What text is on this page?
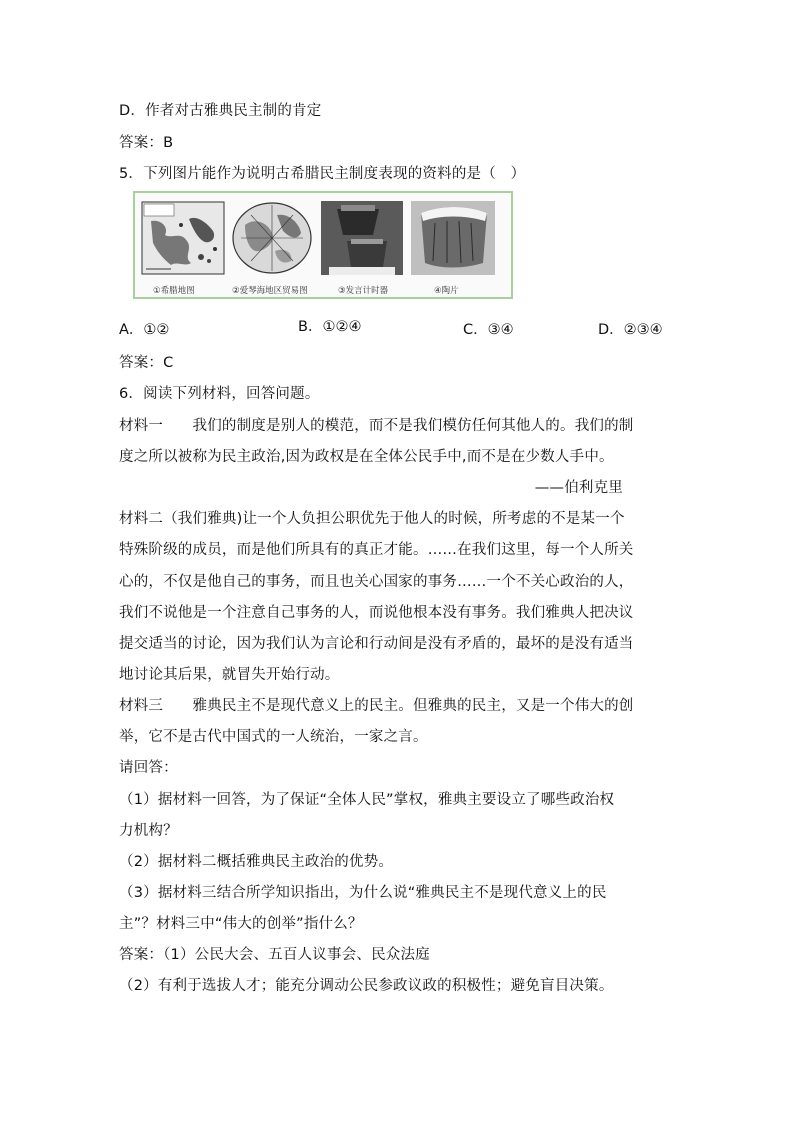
D．作者对古雅典民主制的肯定
答案：B
5．下列图片能作为说明古希腊民主制度表现的资料的是（　）
①希腊地图	②爱琴海地区贸易图	③发言计时器	④陶片
A．①②	B．①②④	C．③④	D．②③④
答案：C
6．阅读下列材料，回答问题。
材料一　　我们的制度是别人的模范，而不是我们模仿任何其他人的。我们的制
度之所以被称为民主政治,因为政权是在全体公民手中,而不是在少数人手中。
——伯利克里
材料二（我们雅典)让一个人负担公职优先于他人的时候，所考虑的不是某一个
特殊阶级的成员，而是他们所具有的真正才能。……在我们这里，每一个人所关
心的，不仅是他自己的事务，而且也关心国家的事务……一个不关心政治的人，
我们不说他是一个注意自己事务的人，而说他根本没有事务。我们雅典人把决议
提交适当的讨论，因为我们认为言论和行动间是没有矛盾的，最坏的是没有适当
地讨论其后果，就冒失开始行动。
材料三　　雅典民主不是现代意义上的民主。但雅典的民主，又是一个伟大的创
举，它不是古代中国式的一人统治，一家之言。
请回答：
（1）据材料一回答，为了保证“全体人民”掌权，雅典主要设立了哪些政治权
力机构？
（2）据材料二概括雅典民主政治的优势。
（3）据材料三结合所学知识指出，为什么说“雅典民主不是现代意义上的民
主”？材料三中“伟大的创举”指什么？
答案：（1）公民大会、五百人议事会、民众法庭
（2）有利于选拔人才；能充分调动公民参政议政的积极性；避免盲目决策。
